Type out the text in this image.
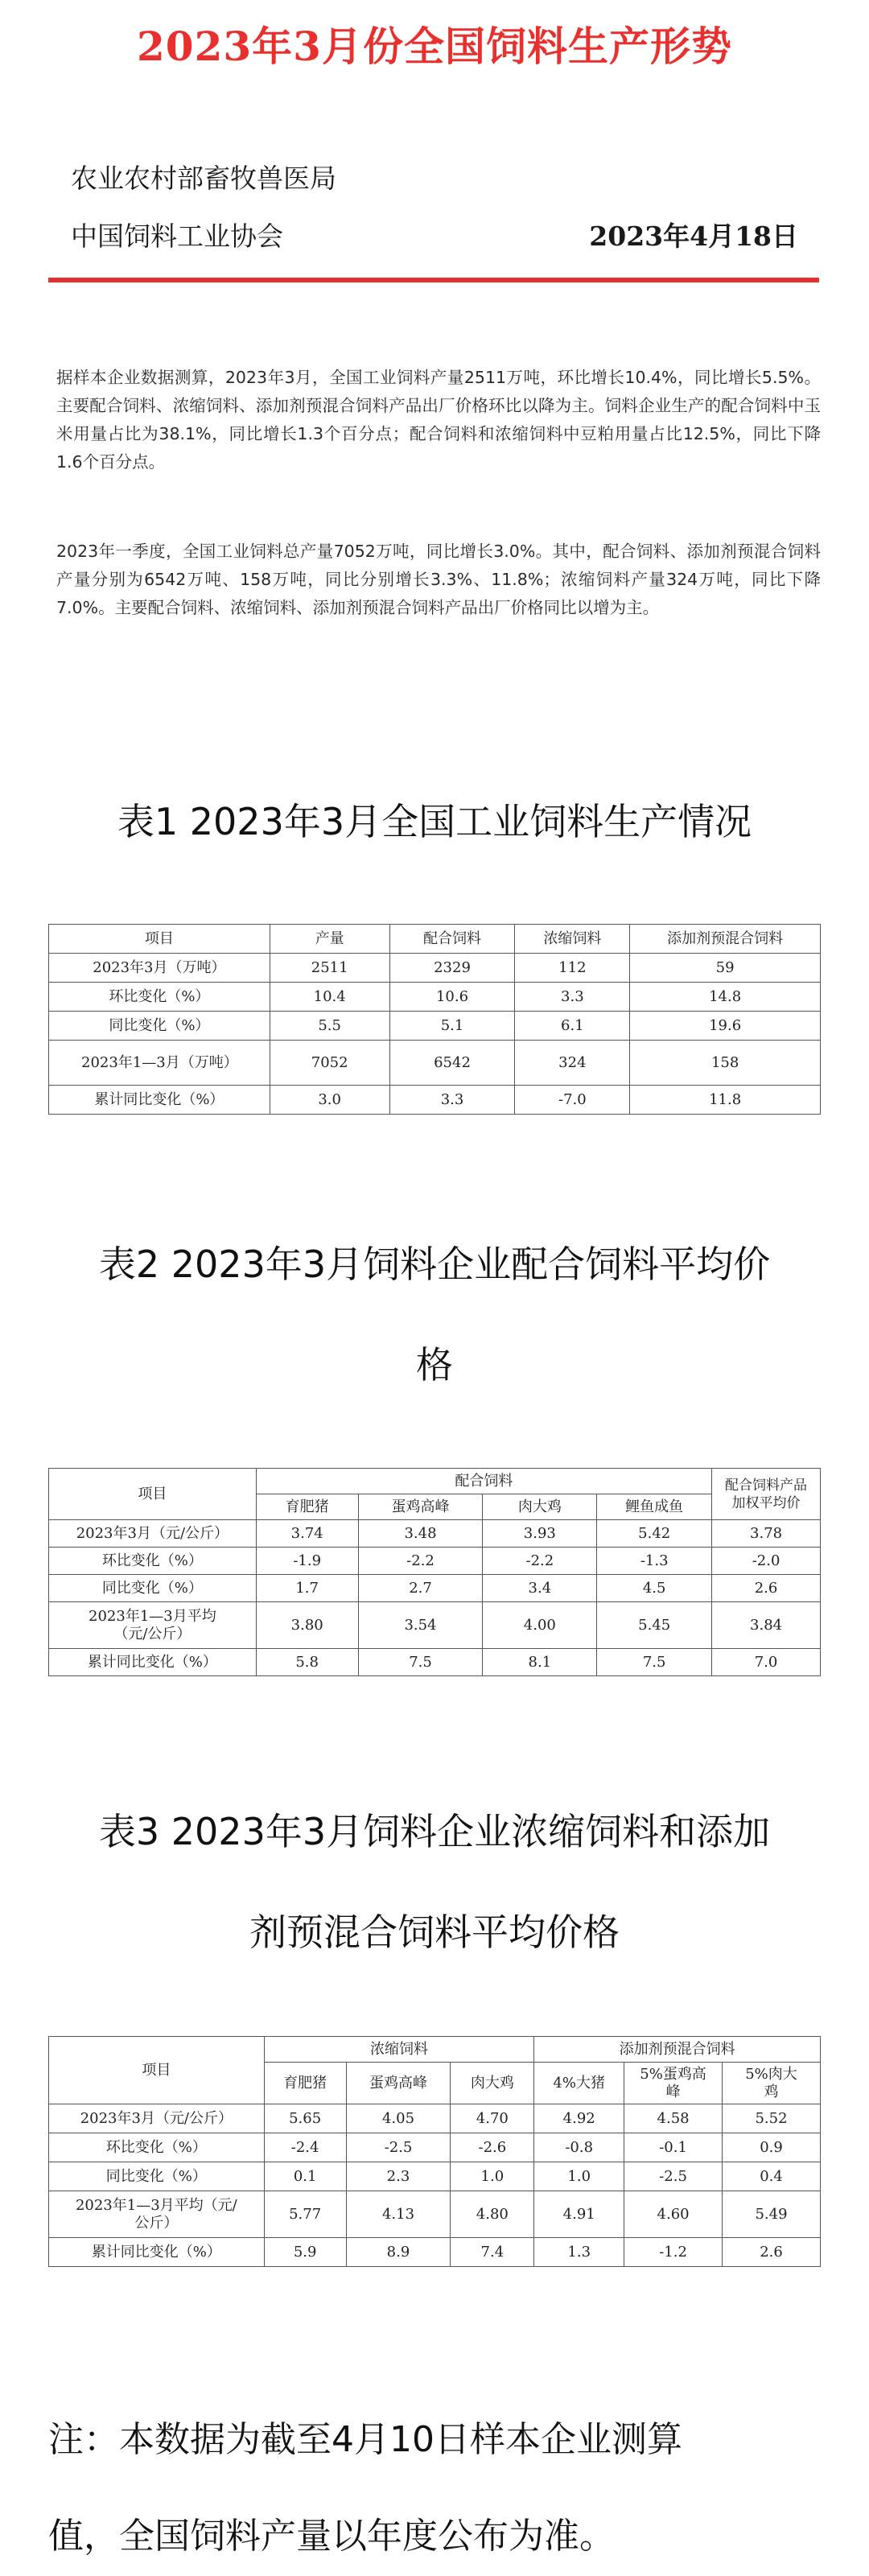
2023年3月份全国饲料生产形势
农业农村部畜牧兽医局
中国饲料工业协会	2023年4月18日
据样本企业数据测算，2023年3月，全国工业饲料产量2511万吨，环比增长10.4%，同比增长5.5%。主要配合饲料、浓缩饲料、添加剂预混合饲料产品出厂价格环比以降为主。饲料企业生产的配合饲料中玉米用量占比为38.1%，同比增长1.3个百分点；配合饲料和浓缩饲料中豆粕用量占比12.5%，同比下降1.6个百分点。
2023年一季度，全国工业饲料总产量7052万吨，同比增长3.0%。其中，配合饲料、添加剂预混合饲料产量分别为6542万吨、158万吨，同比分别增长3.3%、11.8%；浓缩饲料产量324万吨，同比下降7.0%。主要配合饲料、浓缩饲料、添加剂预混合饲料产品出厂价格同比以增为主。
表1 2023年3月全国工业饲料生产情况
项目	产量	配合饲料	浓缩饲料	添加剂预混合饲料
2023年3月（万吨）	2511	2329	112	59
环比变化（%）	10.4	10.6	3.3	14.8
同比变化（%）	5.5	5.1	6.1	19.6
2023年1—3月（万吨）	7052	6542	324	158
累计同比变化（%）	3.0	3.3	-7.0	11.8
表2 2023年3月饲料企业配合饲料平均价
格
项目	配合饲料				配合饲料产品加权平均价
	育肥猪	蛋鸡高峰	肉大鸡	鲤鱼成鱼	
2023年3月（元/公斤）	3.74	3.48	3.93	5.42	3.78
环比变化（%）	-1.9	-2.2	-2.2	-1.3	-2.0
同比变化（%）	1.7	2.7	3.4	4.5	2.6
2023年1—3月平均（元/公斤）	3.80	3.54	4.00	5.45	3.84
累计同比变化（%）	5.8	7.5	8.1	7.5	7.0
表3 2023年3月饲料企业浓缩饲料和添加
剂预混合饲料平均价格
项目	浓缩饲料			添加剂预混合饲料		
	育肥猪	蛋鸡高峰	肉大鸡	4%大猪	5%蛋鸡高峰	5%肉大鸡
2023年3月（元/公斤）	5.65	4.05	4.70	4.92	4.58	5.52
环比变化（%）	-2.4	-2.5	-2.6	-0.8	-0.1	0.9
同比变化（%）	0.1	2.3	1.0	1.0	-2.5	0.4
2023年1—3月平均（元/公斤）	5.77	4.13	4.80	4.91	4.60	5.49
累计同比变化（%）	5.9	8.9	7.4	1.3	-1.2	2.6
注：本数据为截至4月10日样本企业测算
值，全国饲料产量以年度公布为准。
